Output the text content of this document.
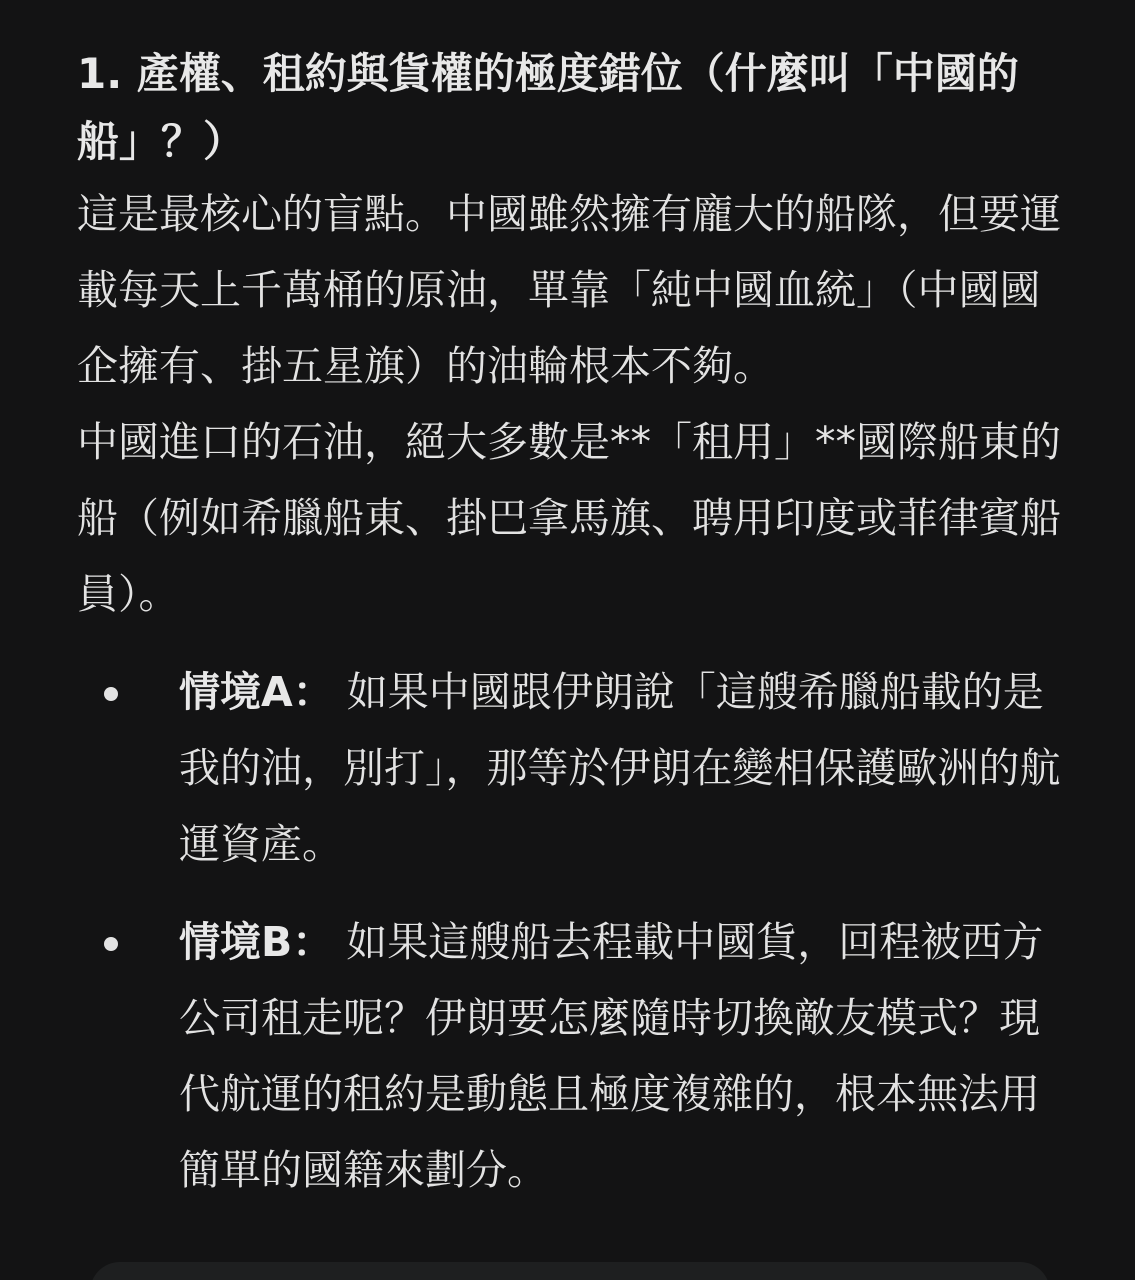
1. 產權、租約與貨權的極度錯位（什麼叫「中國的船」？）

這是最核心的盲點。中國雖然擁有龐大的船隊，但要運載每天上千萬桶的原油，單靠「純中國血統」（中國國企擁有、掛五星旗）的油輪根本不夠。

中國進口的石油，絕大多數是**「租用」**國際船東的船（例如希臘船東、掛巴拿馬旗、聘用印度或菲律賓船員）。

情境A： 如果中國跟伊朗說「這艘希臘船載的是我的油，別打」，那等於伊朗在變相保護歐洲的航運資產。
情境B： 如果這艘船去程載中國貨，回程被西方公司租走呢？伊朗要怎麼隨時切換敵友模式？現代航運的租約是動態且極度複雜的，根本無法用簡單的國籍來劃分。
